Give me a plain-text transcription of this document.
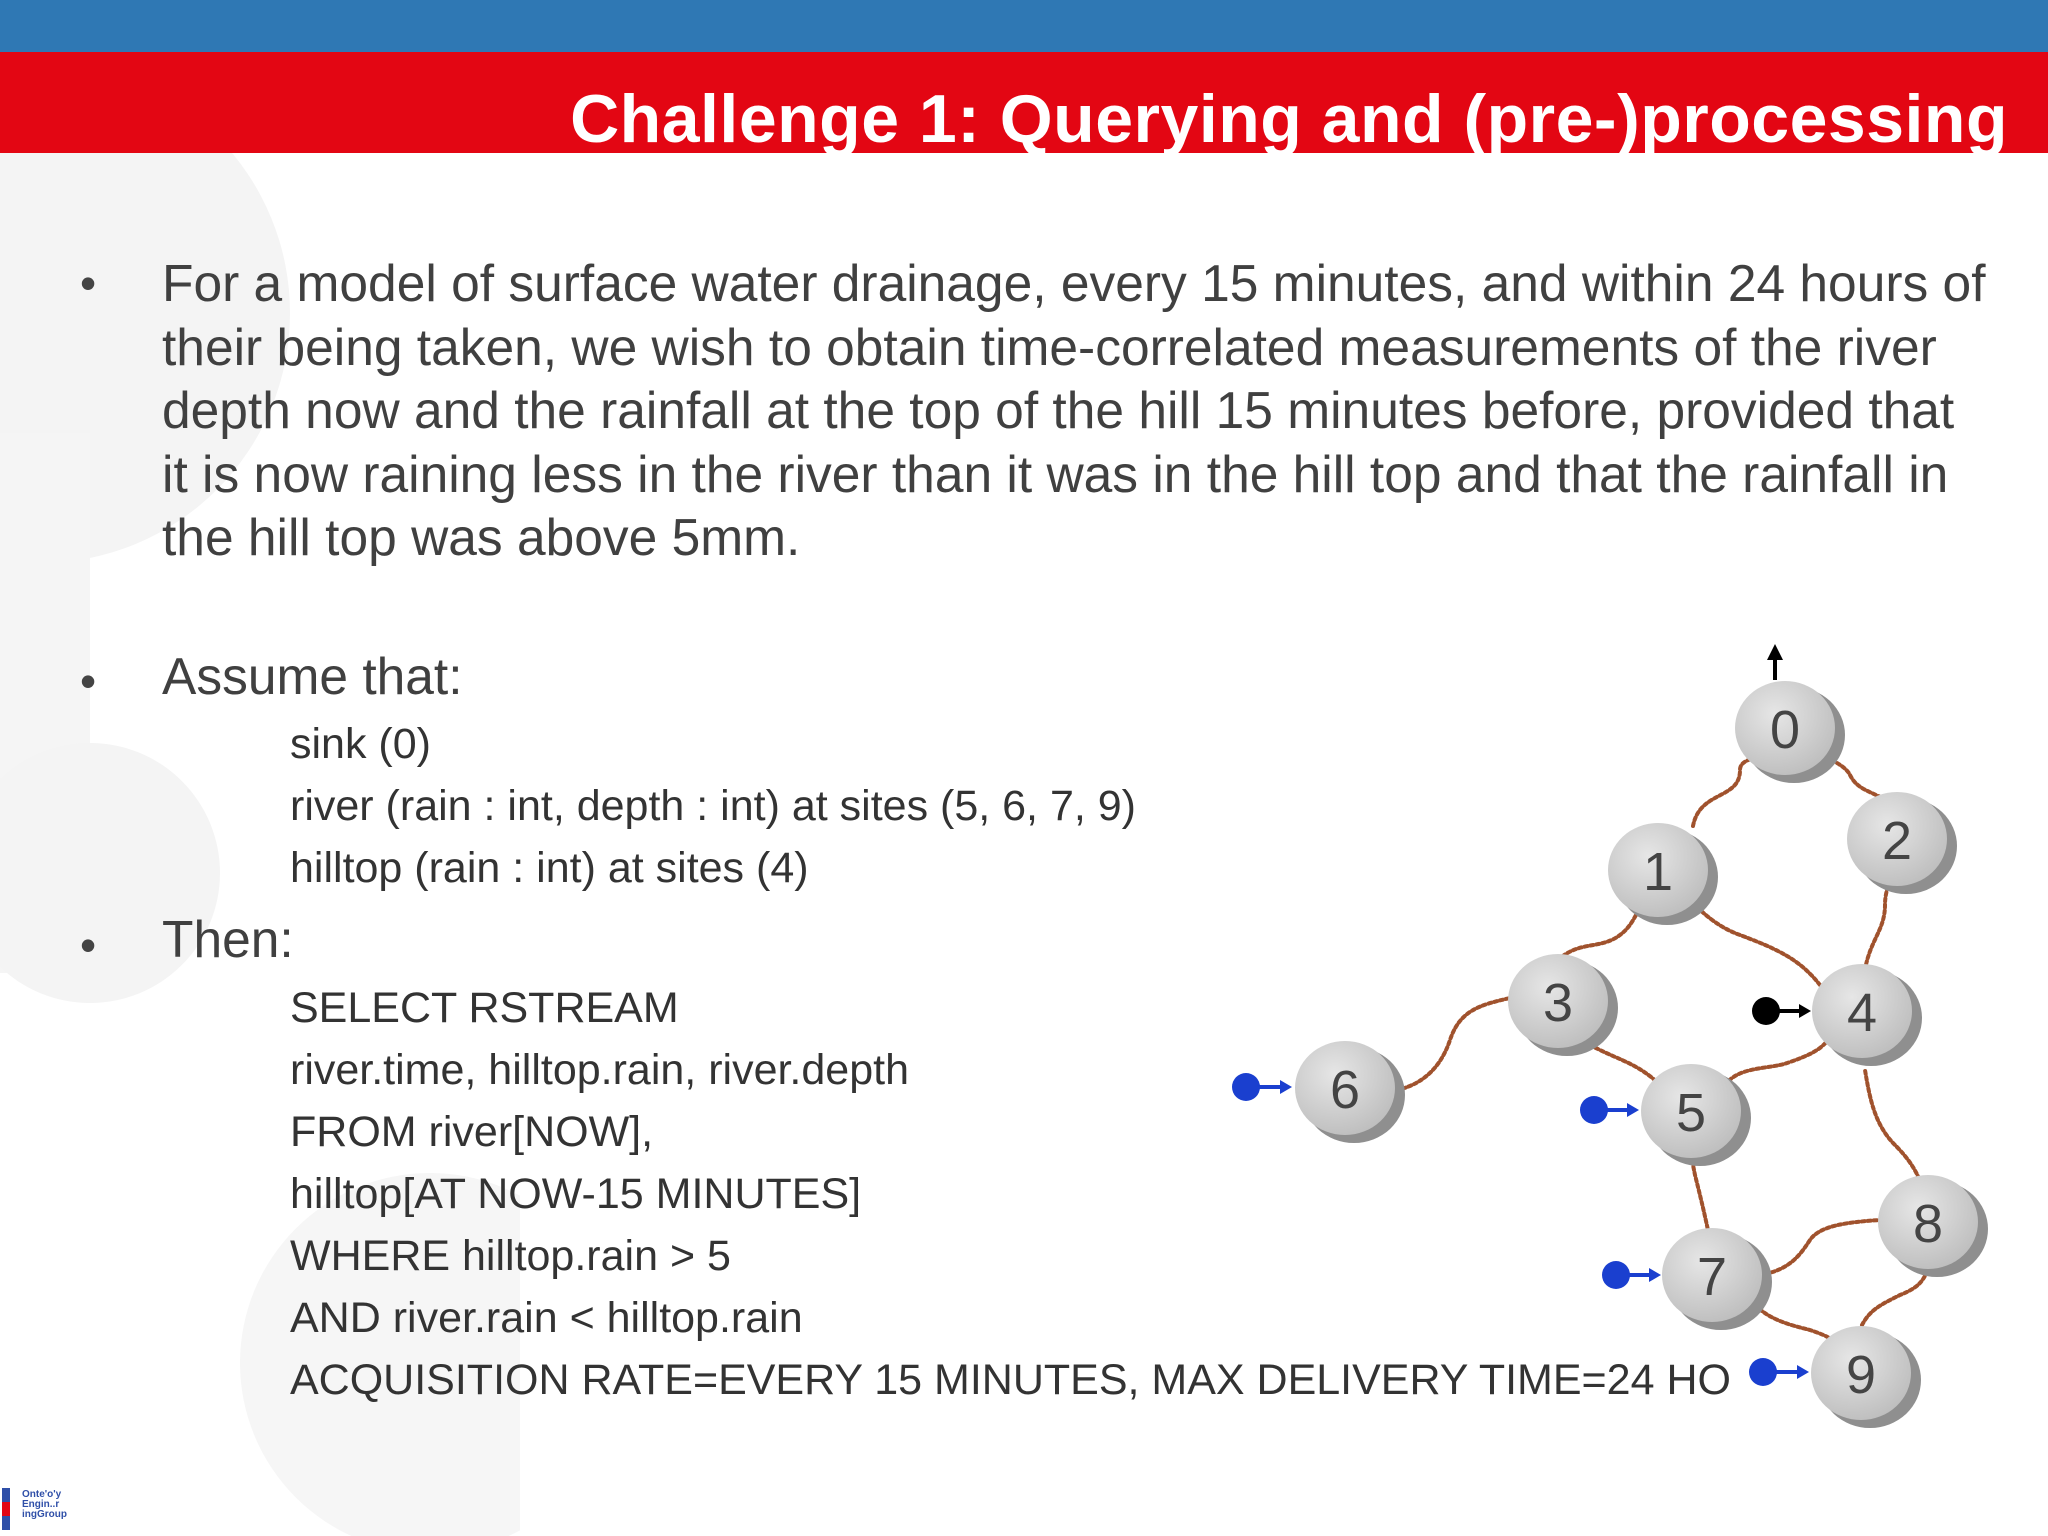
Challenge 1: Querying and (pre-)processing
• For a model of surface water drainage, every 15 minutes, and within 24 hours of their being taken, we wish to obtain time-correlated measurements of the river depth now and the rainfall at the top of the hill 15 minutes before, provided that it is now raining less in the river than it was in the hill top and that the rainfall in the hill top was above 5mm.

• Assume that:

sink (0)
river (rain : int, depth : int) at sites (5, 6, 7, 9)
hilltop (rain : int) at sites (4)
• Then:

SELECT RSTREAM
river.time, hilltop.rain, river.depth
FROM river[NOW],
hilltop[AT NOW-15 MINUTES]
WHERE hilltop.rain > 5
AND river.rain < hilltop.rain
ACQUISITION RATE=EVERY 15 MINUTES, MAX DELIVERY TIME=24 HO
0
1
2
3	4
5
6
7
8
9
Onte'o'y
Engin..r
ingGroup
